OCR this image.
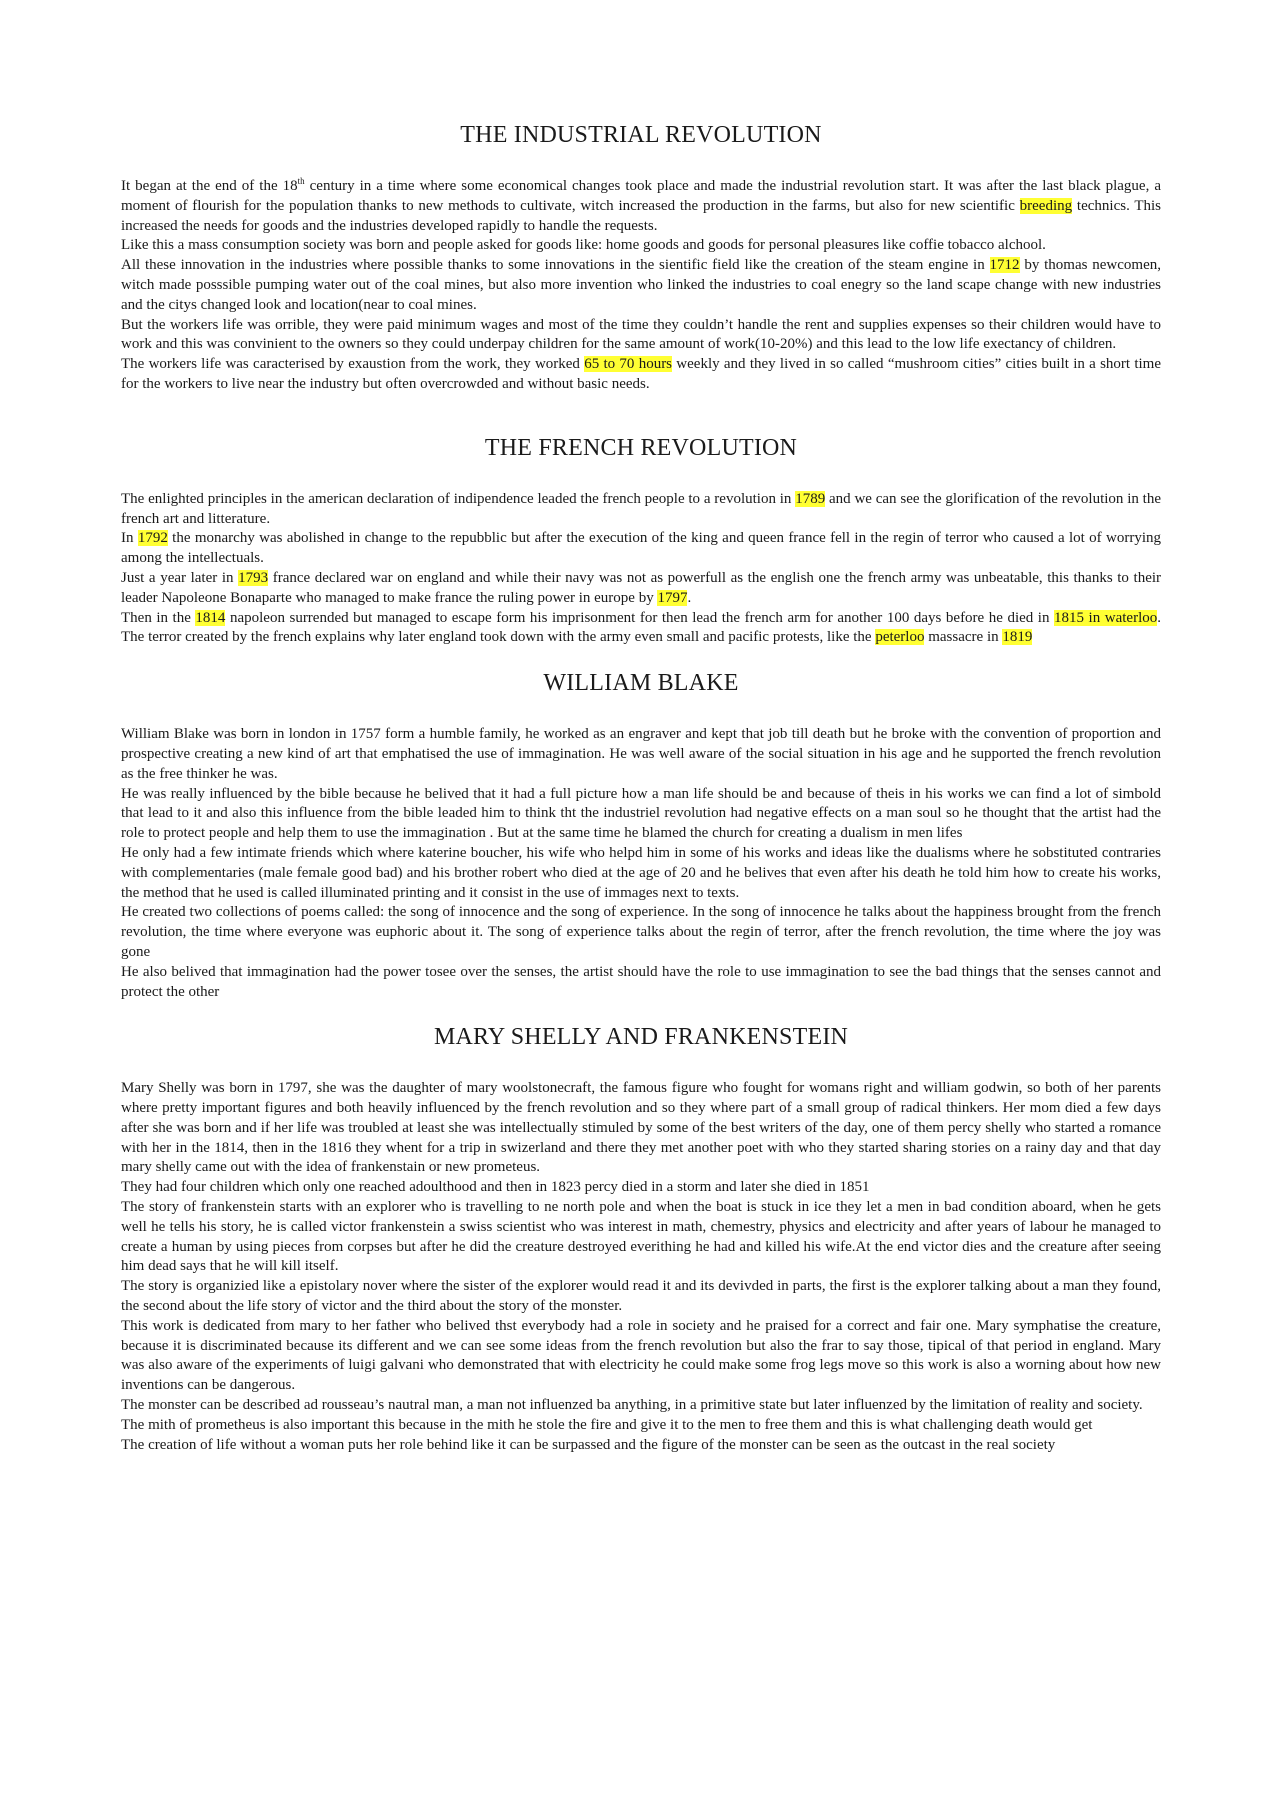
THE INDUSTRIAL REVOLUTION

It began at the end of the 18th century in a time where some economical changes took place and made the industrial revolution start. It was after the last black plague, a moment of flourish for the population thanks to new methods to cultivate, witch increased the production in the farms, but also for new scientific breeding technics. This increased the needs for goods and the industries developed rapidly to handle the requests.

Like this a mass consumption society was born and people asked for goods like: home goods and goods for personal pleasures like coffie tobacco alchool.

All these innovation in the industries where possible thanks to some innovations in the sientific field like the creation of the steam engine in 1712 by thomas newcomen, witch made posssible pumping water out of the coal mines, but also more invention who linked the industries to coal enegry so the land scape change with new industries and the citys changed look and location(near to coal mines.

But the workers life was orrible, they were paid minimum wages and most of the time they couldn’t handle the rent and supplies expenses so their children would have to work and this was convinient to the owners so they could underpay children for the same amount of work(10-20%) and this lead to the low life exectancy of children.

The workers life was caracterised by exaustion from the work, they worked 65 to 70 hours weekly and they lived in so called “mushroom cities” cities built in a short time for the workers to live near the industry but often overcrowded and without basic needs.

THE FRENCH REVOLUTION

The enlighted principles in the american declaration of indipendence leaded the french people to a revolution in 1789 and we can see the glorification of the revolution in the french art and litterature.

In 1792 the monarchy was abolished in change to the repubblic but after the execution of the king and queen france fell in the regin of terror who caused a lot of worrying among the intellectuals.

Just a year later in 1793 france declared war on england and while their navy was not as powerfull as the english one the french army was unbeatable, this thanks to their leader Napoleone Bonaparte who managed to make france the ruling power in europe by 1797.

Then in the 1814 napoleon surrended but managed to escape form his imprisonment for then lead the french arm for another 100 days before he died in 1815 in waterloo. The terror created by the french explains why later england took down with the army even small and pacific protests, like the peterloo massacre in 1819

WILLIAM BLAKE

William Blake was born in london in 1757 form a humble family, he worked as an engraver and kept that job till death but he broke with the convention of proportion and prospective creating a new kind of art that emphatised the use of immagination. He was well aware of the social situation in his age and he supported the french revolution as the free thinker he was.

He was really influenced by the bible because he belived that it had a full picture how a man life should be and because of theis in his works we can find a lot of simbold that lead to it and also this influence from the bible leaded him to think tht the industriel revolution had negative effects on a man soul so he thought that the artist had the role to protect people and help them to use the immagination . But at the same time he blamed the church for creating a dualism in men lifes

He only had a few intimate friends which where katerine boucher, his wife who helpd him in some of his works and ideas like the dualisms where he sobstituted contraries with complementaries (male female good bad) and his brother robert who died at the age of 20 and he belives that even after his death he told him how to create his works, the method that he used is called illuminated printing and it consist in the use of immages next to texts.

He created two collections of poems called: the song of innocence and the song of experience. In the song of innocence he talks about the happiness brought from the french revolution, the time where everyone was euphoric about it. The song of experience talks about the regin of terror, after the french revolution, the time where the joy was gone

He also belived that immagination had the power tosee over the senses, the artist should have the role to use immagination to see the bad things that the senses cannot and protect the other

MARY SHELLY AND FRANKENSTEIN

Mary Shelly was born in 1797, she was the daughter of mary woolstonecraft, the famous figure who fought for womans right and william godwin, so both of her parents where pretty important figures and both heavily influenced by the french revolution and so they where part of a small group of radical thinkers. Her mom died a few days after she was born and if her life was troubled at least she was intellectually stimuled by some of the best writers of the day, one of them percy shelly who started a romance with her in the 1814, then in the 1816 they whent for a trip in swizerland and there they met another poet with who they started sharing stories on a rainy day and that day mary shelly came out with the idea of frankenstain or new prometeus.

They had four children which only one reached adoulthood and then in 1823 percy died in a storm and later she died in 1851

The story of frankenstein starts with an explorer who is travelling to ne north pole and when the boat is stuck in ice they let a men in bad condition aboard, when he gets well he tells his story, he is called victor frankenstein a swiss scientist who was interest in math, chemestry, physics and electricity and after years of labour he managed to create a human by using pieces from corpses but after he did the creature destroyed everithing he had and killed his wife.At the end victor dies and the creature after seeing him dead says that he will kill itself.

The story is organizied like a epistolary nover where the sister of the explorer would read it and its devivded in parts, the first is the explorer talking about a man they found, the second about the life story of victor and the third about the story of the monster.

This work is dedicated from mary to her father who belived thst everybody had a role in society and he praised for a correct and fair one. Mary symphatise the creature, because it is discriminated because its different and we can see some ideas from the french revolution but also the frar to say those, tipical of that period in england. Mary was also aware of the experiments of luigi galvani who demonstrated that with electricity he could make some frog legs move so this work is also a worning about how new inventions can be dangerous.

The monster can be described ad rousseau’s nautral man, a man not influenzed ba anything, in a primitive state but later influenzed by the limitation of reality and society.

The mith of prometheus is also important this because in the mith he stole the fire and give it to the men to free them and this is what challenging death would get

The creation of life without a woman puts her role behind like it can be surpassed and the figure of the monster can be seen as the outcast in the real society
